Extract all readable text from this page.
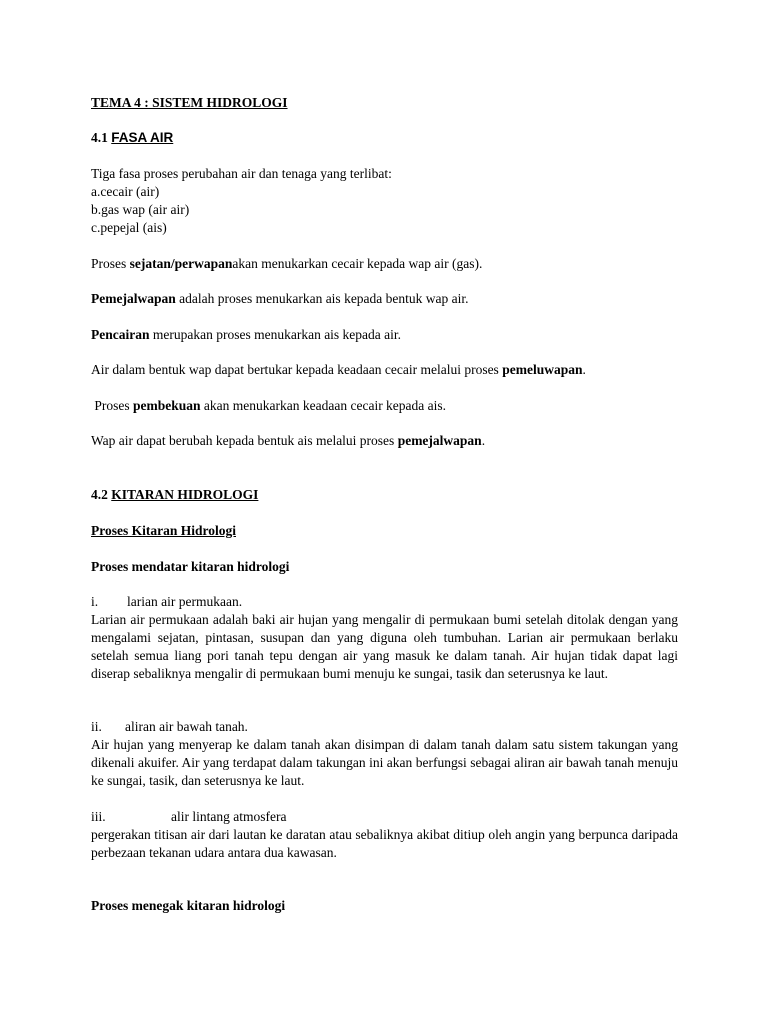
TEMA 4 : SISTEM HIDROLOGI

4.1 FASA AIR

Tiga fasa proses perubahan air dan tenaga yang terlibat:
a.cecair (air)
b.gas wap (air air)
c.pepejal (ais)

Proses sejatan/perwapanakan menukarkan cecair kepada wap air (gas).

Pemejalwapan adalah proses menukarkan ais kepada bentuk wap air.

Pencairan merupakan proses menukarkan ais kepada air.

Air dalam bentuk wap dapat bertukar kepada keadaan cecair melalui proses pemeluwapan.

Proses pembekuan akan menukarkan keadaan cecair kepada ais.

Wap air dapat berubah kepada bentuk ais melalui proses pemejalwapan.

4.2 KITARAN HIDROLOGI

Proses Kitaran Hidrologi

Proses mendatar kitaran hidrologi

i. larian air permukaan.
Larian air permukaan adalah baki air hujan yang mengalir di permukaan bumi setelah ditolak dengan yang mengalami sejatan, pintasan, susupan dan yang diguna oleh tumbuhan. Larian air permukaan berlaku setelah semua liang pori tanah tepu dengan air yang masuk ke dalam tanah. Air hujan tidak dapat lagi diserap sebaliknya mengalir di permukaan bumi menuju ke sungai, tasik dan seterusnya ke laut.
ii. aliran air bawah tanah.
Air hujan yang menyerap ke dalam tanah akan disimpan di dalam tanah dalam satu sistem takungan yang dikenali akuifer. Air yang terdapat dalam takungan ini akan berfungsi sebagai aliran air bawah tanah menuju ke sungai, tasik, dan seterusnya ke laut.
iii.	alir lintang atmosfera
pergerakan titisan air dari lautan ke daratan atau sebaliknya akibat ditiup oleh angin yang berpunca daripada perbezaan tekanan udara antara dua kawasan.

Proses menegak kitaran hidrologi
